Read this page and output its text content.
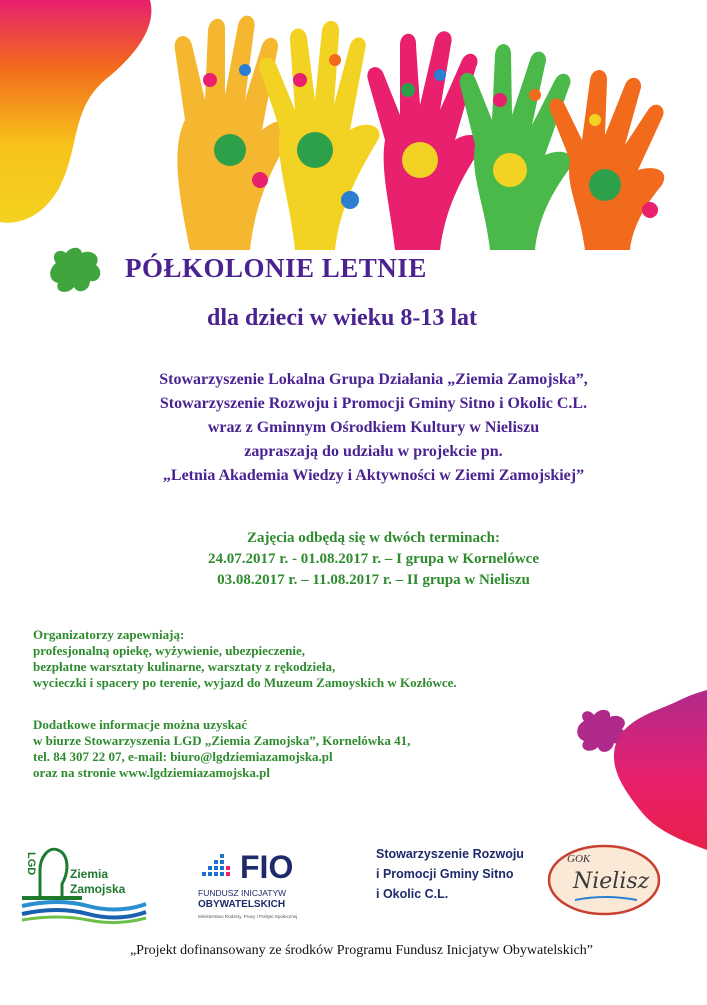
PÓŁKOLONIE LETNIE
dla dzieci w wieku 8-13 lat
Stowarzyszenie Lokalna Grupa Działania „Ziemia Zamojska”,
Stowarzyszenie Rozwoju i Promocji Gminy Sitno i Okolic C.L.
wraz z Gminnym Ośrodkiem Kultury w Nieliszu
zapraszają do udziału w projekcie pn.
„Letnia Akademia Wiedzy i Aktywności w Ziemi Zamojskiej”
Zajęcia odbędą się w dwóch terminach:
24.07.2017 r. - 01.08.2017 r. – I grupa w Kornelówce
03.08.2017 r. – 11.08.2017 r. – II grupa w Nieliszu
Organizatorzy zapewniają:
profesjonalną opiekę, wyżywienie, ubezpieczenie,
bezpłatne warsztaty kulinarne, warsztaty z rękodzieła,
wycieczki i spacery po terenie, wyjazd do Muzeum Zamoyskich w Kozłówce.
Dodatkowe informacje można uzyskać
w biurze Stowarzyszenia LGD „Ziemia Zamojska”, Kornelówka 41,
tel. 84 307 22 07, e-mail: biuro@lgdziemiazamojska.pl
oraz na stronie www.lgdziemiazamojska.pl
LGD	Ziemia
Zamojska
FIO
FUNDUSZ INICJATYW
OBYWATELSKICH
Ministerstwo Rodziny, Pracy i Polityki Społecznej
Stowarzyszenie Rozwoju
i Promocji Gminy Sitno
i Okolic C.L.
GOK
Nielisz
„Projekt dofinansowany ze środków Programu Fundusz Inicjatyw Obywatelskich”
